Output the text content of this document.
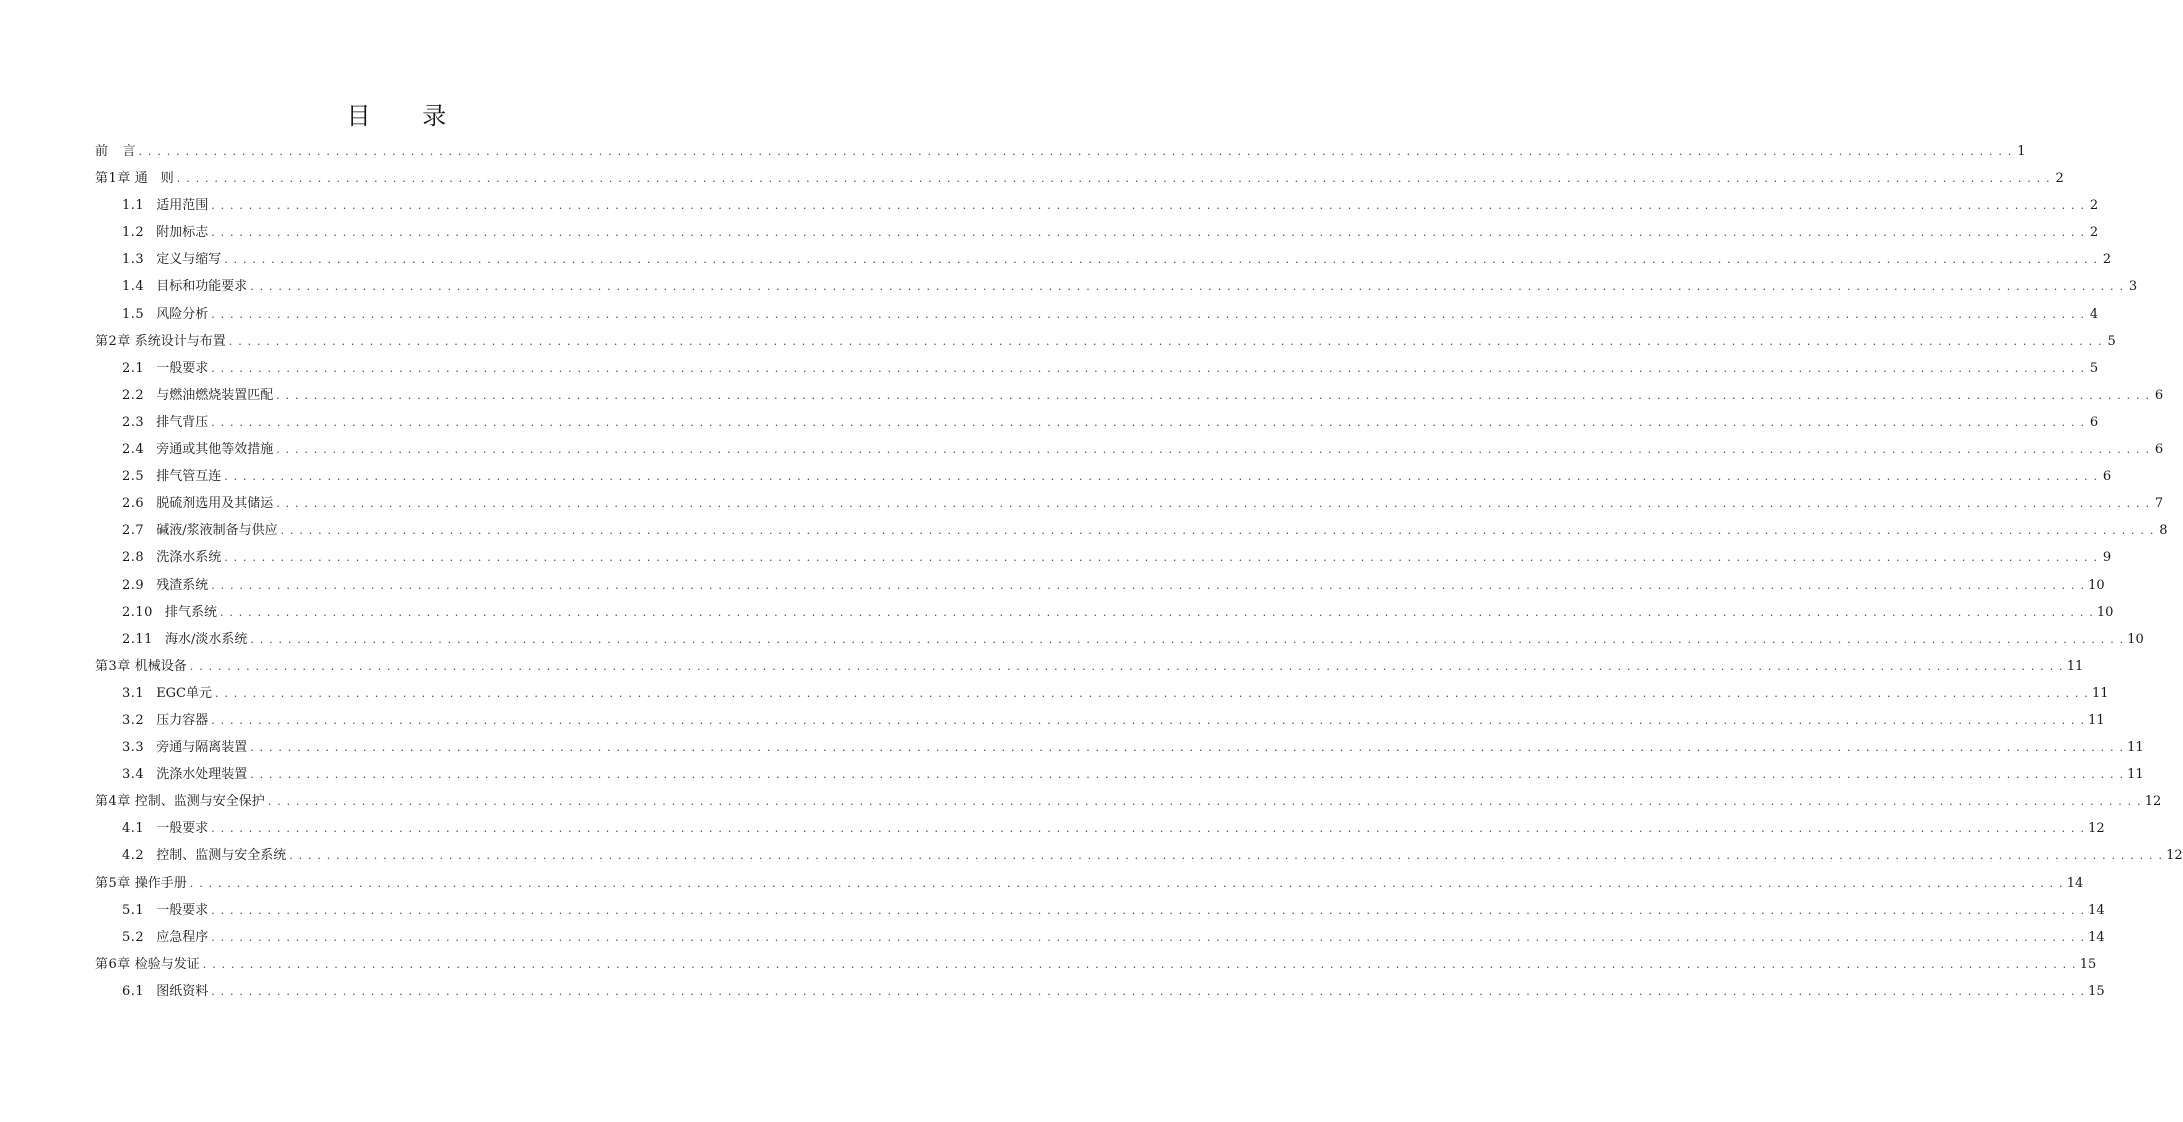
目 录
前 言 . . . . . . . . . . . . . . . . . . . . . . . . . . . . . . . . . . . . . . . . . . . . . . . . . . . . . . . . . . . . . . . . . . . . . . . . . . . . . . . . . . . . . . . . . . . . . . . . . . . . . . . . . . . . . . . . . . . . . . . . . . . . . . . . . . . . . . . . . . . . . . . . . . . . . . . . . . . . . . . . . . . . . . . . . . . . . . . . . . . . . . . . . . . . . . . . . . . . . . . . 1
第1章 通　则 . . . . . . . . . . . . . . . . . . . . . . . . . . . . . . . . . . . . . . . . . . . . . . . . . . . . . . . . . . . . . . . . . . . . . . . . . . . . . . . . . . . . . . . . . . . . . . . . . . . . . . . . . . . . . . . . . . . . . . . . . . . . . . . . . . . . . . . . . . . . . . . . . . . . . . . . . . . . . . . . . . . . . . . . . . . . . . . . . . . . . . . . . . . . . . . . . . . . . . . . 2
1.1 适用范围 . . . . . . . . . . . . . . . . . . . . . . . . . . . . . . . . . . . . . . . . . . . . . . . . . . . . . . . . . . . . . . . . . . . . . . . . . . . . . . . . . . . . . . . . . . . . . . . . . . . . . . . . . . . . . . . . . . . . . . . . . . . . . . . . . . . . . . . . . . . . . . . . . . . . . . . . . . . . . . . . . . . . . . . . . . . . . . . . . . . . . . . . . . . . . . . . . . . . . . . . 2
1.2 附加标志 . . . . . . . . . . . . . . . . . . . . . . . . . . . . . . . . . . . . . . . . . . . . . . . . . . . . . . . . . . . . . . . . . . . . . . . . . . . . . . . . . . . . . . . . . . . . . . . . . . . . . . . . . . . . . . . . . . . . . . . . . . . . . . . . . . . . . . . . . . . . . . . . . . . . . . . . . . . . . . . . . . . . . . . . . . . . . . . . . . . . . . . . . . . . . . . . . . . . . . . . 2
1.3 定义与缩写 . . . . . . . . . . . . . . . . . . . . . . . . . . . . . . . . . . . . . . . . . . . . . . . . . . . . . . . . . . . . . . . . . . . . . . . . . . . . . . . . . . . . . . . . . . . . . . . . . . . . . . . . . . . . . . . . . . . . . . . . . . . . . . . . . . . . . . . . . . . . . . . . . . . . . . . . . . . . . . . . . . . . . . . . . . . . . . . . . . . . . . . . . . . . . . . . . . . . . . . . 2
1.4 目标和功能要求 . . . . . . . . . . . . . . . . . . . . . . . . . . . . . . . . . . . . . . . . . . . . . . . . . . . . . . . . . . . . . . . . . . . . . . . . . . . . . . . . . . . . . . . . . . . . . . . . . . . . . . . . . . . . . . . . . . . . . . . . . . . . . . . . . . . . . . . . . . . . . . . . . . . . . . . . . . . . . . . . . . . . . . . . . . . . . . . . . . . . . . . . . . . . . . . . . . . . . . . . 3
1.5 风险分析 . . . . . . . . . . . . . . . . . . . . . . . . . . . . . . . . . . . . . . . . . . . . . . . . . . . . . . . . . . . . . . . . . . . . . . . . . . . . . . . . . . . . . . . . . . . . . . . . . . . . . . . . . . . . . . . . . . . . . . . . . . . . . . . . . . . . . . . . . . . . . . . . . . . . . . . . . . . . . . . . . . . . . . . . . . . . . . . . . . . . . . . . . . . . . . . . . . . . . . . . 4
第2章 系统设计与布置 . . . . . . . . . . . . . . . . . . . . . . . . . . . . . . . . . . . . . . . . . . . . . . . . . . . . . . . . . . . . . . . . . . . . . . . . . . . . . . . . . . . . . . . . . . . . . . . . . . . . . . . . . . . . . . . . . . . . . . . . . . . . . . . . . . . . . . . . . . . . . . . . . . . . . . . . . . . . . . . . . . . . . . . . . . . . . . . . . . . . . . . . . . . . . . . . . . . . . . . . 5
2.1 一般要求 . . . . . . . . . . . . . . . . . . . . . . . . . . . . . . . . . . . . . . . . . . . . . . . . . . . . . . . . . . . . . . . . . . . . . . . . . . . . . . . . . . . . . . . . . . . . . . . . . . . . . . . . . . . . . . . . . . . . . . . . . . . . . . . . . . . . . . . . . . . . . . . . . . . . . . . . . . . . . . . . . . . . . . . . . . . . . . . . . . . . . . . . . . . . . . . . . . . . . . . . 5
2.2 与燃油燃烧装置匹配 . . . . . . . . . . . . . . . . . . . . . . . . . . . . . . . . . . . . . . . . . . . . . . . . . . . . . . . . . . . . . . . . . . . . . . . . . . . . . . . . . . . . . . . . . . . . . . . . . . . . . . . . . . . . . . . . . . . . . . . . . . . . . . . . . . . . . . . . . . . . . . . . . . . . . . . . . . . . . . . . . . . . . . . . . . . . . . . . . . . . . . . . . . . . . . . . . . . . . . . . 6
2.3 排气背压 . . . . . . . . . . . . . . . . . . . . . . . . . . . . . . . . . . . . . . . . . . . . . . . . . . . . . . . . . . . . . . . . . . . . . . . . . . . . . . . . . . . . . . . . . . . . . . . . . . . . . . . . . . . . . . . . . . . . . . . . . . . . . . . . . . . . . . . . . . . . . . . . . . . . . . . . . . . . . . . . . . . . . . . . . . . . . . . . . . . . . . . . . . . . . . . . . . . . . . . . 6
2.4 旁通或其他等效措施 . . . . . . . . . . . . . . . . . . . . . . . . . . . . . . . . . . . . . . . . . . . . . . . . . . . . . . . . . . . . . . . . . . . . . . . . . . . . . . . . . . . . . . . . . . . . . . . . . . . . . . . . . . . . . . . . . . . . . . . . . . . . . . . . . . . . . . . . . . . . . . . . . . . . . . . . . . . . . . . . . . . . . . . . . . . . . . . . . . . . . . . . . . . . . . . . . . . . . . . . 6
2.5 排气管互连 . . . . . . . . . . . . . . . . . . . . . . . . . . . . . . . . . . . . . . . . . . . . . . . . . . . . . . . . . . . . . . . . . . . . . . . . . . . . . . . . . . . . . . . . . . . . . . . . . . . . . . . . . . . . . . . . . . . . . . . . . . . . . . . . . . . . . . . . . . . . . . . . . . . . . . . . . . . . . . . . . . . . . . . . . . . . . . . . . . . . . . . . . . . . . . . . . . . . . . . . 6
2.6 脱硫剂选用及其储运 . . . . . . . . . . . . . . . . . . . . . . . . . . . . . . . . . . . . . . . . . . . . . . . . . . . . . . . . . . . . . . . . . . . . . . . . . . . . . . . . . . . . . . . . . . . . . . . . . . . . . . . . . . . . . . . . . . . . . . . . . . . . . . . . . . . . . . . . . . . . . . . . . . . . . . . . . . . . . . . . . . . . . . . . . . . . . . . . . . . . . . . . . . . . . . . . . . . . . . . . 7
2.7 碱液/浆液制备与供应 . . . . . . . . . . . . . . . . . . . . . . . . . . . . . . . . . . . . . . . . . . . . . . . . . . . . . . . . . . . . . . . . . . . . . . . . . . . . . . . . . . . . . . . . . . . . . . . . . . . . . . . . . . . . . . . . . . . . . . . . . . . . . . . . . . . . . . . . . . . . . . . . . . . . . . . . . . . . . . . . . . . . . . . . . . . . . . . . . . . . . . . . . . . . . . . . . . . . . . . . 8
2.8 洗涤水系统 . . . . . . . . . . . . . . . . . . . . . . . . . . . . . . . . . . . . . . . . . . . . . . . . . . . . . . . . . . . . . . . . . . . . . . . . . . . . . . . . . . . . . . . . . . . . . . . . . . . . . . . . . . . . . . . . . . . . . . . . . . . . . . . . . . . . . . . . . . . . . . . . . . . . . . . . . . . . . . . . . . . . . . . . . . . . . . . . . . . . . . . . . . . . . . . . . . . . . . . . 9
2.9 残渣系统 . . . . . . . . . . . . . . . . . . . . . . . . . . . . . . . . . . . . . . . . . . . . . . . . . . . . . . . . . . . . . . . . . . . . . . . . . . . . . . . . . . . . . . . . . . . . . . . . . . . . . . . . . . . . . . . . . . . . . . . . . . . . . . . . . . . . . . . . . . . . . . . . . . . . . . . . . . . . . . . . . . . . . . . . . . . . . . . . . . . . . . . . . . . . . . . . . . . . . . . . 10
2.10 排气系统 . . . . . . . . . . . . . . . . . . . . . . . . . . . . . . . . . . . . . . . . . . . . . . . . . . . . . . . . . . . . . . . . . . . . . . . . . . . . . . . . . . . . . . . . . . . . . . . . . . . . . . . . . . . . . . . . . . . . . . . . . . . . . . . . . . . . . . . . . . . . . . . . . . . . . . . . . . . . . . . . . . . . . . . . . . . . . . . . . . . . . . . . . . . . . . . . . . . . . . . . 10
2.11 海水/淡水系统 . . . . . . . . . . . . . . . . . . . . . . . . . . . . . . . . . . . . . . . . . . . . . . . . . . . . . . . . . . . . . . . . . . . . . . . . . . . . . . . . . . . . . . . . . . . . . . . . . . . . . . . . . . . . . . . . . . . . . . . . . . . . . . . . . . . . . . . . . . . . . . . . . . . . . . . . . . . . . . . . . . . . . . . . . . . . . . . . . . . . . . . . . . . . . . . . . . . . . . . . 10
第3章 机械设备 . . . . . . . . . . . . . . . . . . . . . . . . . . . . . . . . . . . . . . . . . . . . . . . . . . . . . . . . . . . . . . . . . . . . . . . . . . . . . . . . . . . . . . . . . . . . . . . . . . . . . . . . . . . . . . . . . . . . . . . . . . . . . . . . . . . . . . . . . . . . . . . . . . . . . . . . . . . . . . . . . . . . . . . . . . . . . . . . . . . . . . . . . . . . . . . . . . . . . . . . 11
3.1 EGC单元 . . . . . . . . . . . . . . . . . . . . . . . . . . . . . . . . . . . . . . . . . . . . . . . . . . . . . . . . . . . . . . . . . . . . . . . . . . . . . . . . . . . . . . . . . . . . . . . . . . . . . . . . . . . . . . . . . . . . . . . . . . . . . . . . . . . . . . . . . . . . . . . . . . . . . . . . . . . . . . . . . . . . . . . . . . . . . . . . . . . . . . . . . . . . . . . . . . . . . . . . 11
3.2 压力容器 . . . . . . . . . . . . . . . . . . . . . . . . . . . . . . . . . . . . . . . . . . . . . . . . . . . . . . . . . . . . . . . . . . . . . . . . . . . . . . . . . . . . . . . . . . . . . . . . . . . . . . . . . . . . . . . . . . . . . . . . . . . . . . . . . . . . . . . . . . . . . . . . . . . . . . . . . . . . . . . . . . . . . . . . . . . . . . . . . . . . . . . . . . . . . . . . . . . . . . . . 11
3.3 旁通与隔离装置 . . . . . . . . . . . . . . . . . . . . . . . . . . . . . . . . . . . . . . . . . . . . . . . . . . . . . . . . . . . . . . . . . . . . . . . . . . . . . . . . . . . . . . . . . . . . . . . . . . . . . . . . . . . . . . . . . . . . . . . . . . . . . . . . . . . . . . . . . . . . . . . . . . . . . . . . . . . . . . . . . . . . . . . . . . . . . . . . . . . . . . . . . . . . . . . . . . . . . . . . 11
3.4 洗涤水处理装置 . . . . . . . . . . . . . . . . . . . . . . . . . . . . . . . . . . . . . . . . . . . . . . . . . . . . . . . . . . . . . . . . . . . . . . . . . . . . . . . . . . . . . . . . . . . . . . . . . . . . . . . . . . . . . . . . . . . . . . . . . . . . . . . . . . . . . . . . . . . . . . . . . . . . . . . . . . . . . . . . . . . . . . . . . . . . . . . . . . . . . . . . . . . . . . . . . . . . . . . . 11
第4章 控制、监测与安全保护 . . . . . . . . . . . . . . . . . . . . . . . . . . . . . . . . . . . . . . . . . . . . . . . . . . . . . . . . . . . . . . . . . . . . . . . . . . . . . . . . . . . . . . . . . . . . . . . . . . . . . . . . . . . . . . . . . . . . . . . . . . . . . . . . . . . . . . . . . . . . . . . . . . . . . . . . . . . . . . . . . . . . . . . . . . . . . . . . . . . . . . . . . . . . . . . . . . . . . . . . 12
4.1 一般要求 . . . . . . . . . . . . . . . . . . . . . . . . . . . . . . . . . . . . . . . . . . . . . . . . . . . . . . . . . . . . . . . . . . . . . . . . . . . . . . . . . . . . . . . . . . . . . . . . . . . . . . . . . . . . . . . . . . . . . . . . . . . . . . . . . . . . . . . . . . . . . . . . . . . . . . . . . . . . . . . . . . . . . . . . . . . . . . . . . . . . . . . . . . . . . . . . . . . . . . . . 12
4.2 控制、监测与安全系统 . . . . . . . . . . . . . . . . . . . . . . . . . . . . . . . . . . . . . . . . . . . . . . . . . . . . . . . . . . . . . . . . . . . . . . . . . . . . . . . . . . . . . . . . . . . . . . . . . . . . . . . . . . . . . . . . . . . . . . . . . . . . . . . . . . . . . . . . . . . . . . . . . . . . . . . . . . . . . . . . . . . . . . . . . . . . . . . . . . . . . . . . . . . . . . . . . . . . . . . . 12
第5章 操作手册 . . . . . . . . . . . . . . . . . . . . . . . . . . . . . . . . . . . . . . . . . . . . . . . . . . . . . . . . . . . . . . . . . . . . . . . . . . . . . . . . . . . . . . . . . . . . . . . . . . . . . . . . . . . . . . . . . . . . . . . . . . . . . . . . . . . . . . . . . . . . . . . . . . . . . . . . . . . . . . . . . . . . . . . . . . . . . . . . . . . . . . . . . . . . . . . . . . . . . . . . 14
5.1 一般要求 . . . . . . . . . . . . . . . . . . . . . . . . . . . . . . . . . . . . . . . . . . . . . . . . . . . . . . . . . . . . . . . . . . . . . . . . . . . . . . . . . . . . . . . . . . . . . . . . . . . . . . . . . . . . . . . . . . . . . . . . . . . . . . . . . . . . . . . . . . . . . . . . . . . . . . . . . . . . . . . . . . . . . . . . . . . . . . . . . . . . . . . . . . . . . . . . . . . . . . . . 14
5.2 应急程序 . . . . . . . . . . . . . . . . . . . . . . . . . . . . . . . . . . . . . . . . . . . . . . . . . . . . . . . . . . . . . . . . . . . . . . . . . . . . . . . . . . . . . . . . . . . . . . . . . . . . . . . . . . . . . . . . . . . . . . . . . . . . . . . . . . . . . . . . . . . . . . . . . . . . . . . . . . . . . . . . . . . . . . . . . . . . . . . . . . . . . . . . . . . . . . . . . . . . . . . . 14
第6章 检验与发证 . . . . . . . . . . . . . . . . . . . . . . . . . . . . . . . . . . . . . . . . . . . . . . . . . . . . . . . . . . . . . . . . . . . . . . . . . . . . . . . . . . . . . . . . . . . . . . . . . . . . . . . . . . . . . . . . . . . . . . . . . . . . . . . . . . . . . . . . . . . . . . . . . . . . . . . . . . . . . . . . . . . . . . . . . . . . . . . . . . . . . . . . . . . . . . . . . . . . . . . . 15
6.1 图纸资料 . . . . . . . . . . . . . . . . . . . . . . . . . . . . . . . . . . . . . . . . . . . . . . . . . . . . . . . . . . . . . . . . . . . . . . . . . . . . . . . . . . . . . . . . . . . . . . . . . . . . . . . . . . . . . . . . . . . . . . . . . . . . . . . . . . . . . . . . . . . . . . . . . . . . . . . . . . . . . . . . . . . . . . . . . . . . . . . . . . . . . . . . . . . . . . . . . . . . . . . . 15
